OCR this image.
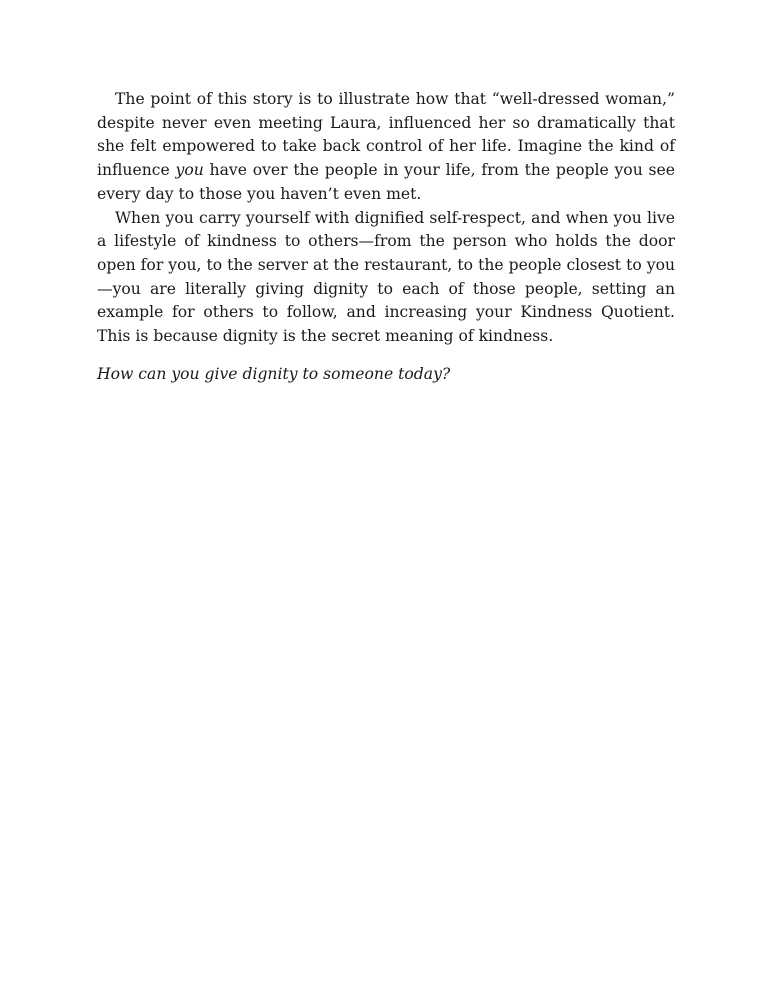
The point of this story is to illustrate how that “well-dressed woman,” despite never even meeting Laura, influenced her so dramatically that she felt empowered to take back control of her life. Imagine the kind of influence you have over the people in your life, from the people you see every day to those you haven’t even met.

When you carry yourself with dignified self-respect, and when you live a lifestyle of kindness to others—from the person who holds the door open for you, to the server at the restaurant, to the people closest to you—you are literally giving dignity to each of those people, setting an example for others to follow, and increasing your Kindness Quotient. This is because dignity is the secret meaning of kindness.

How can you give dignity to someone today?
